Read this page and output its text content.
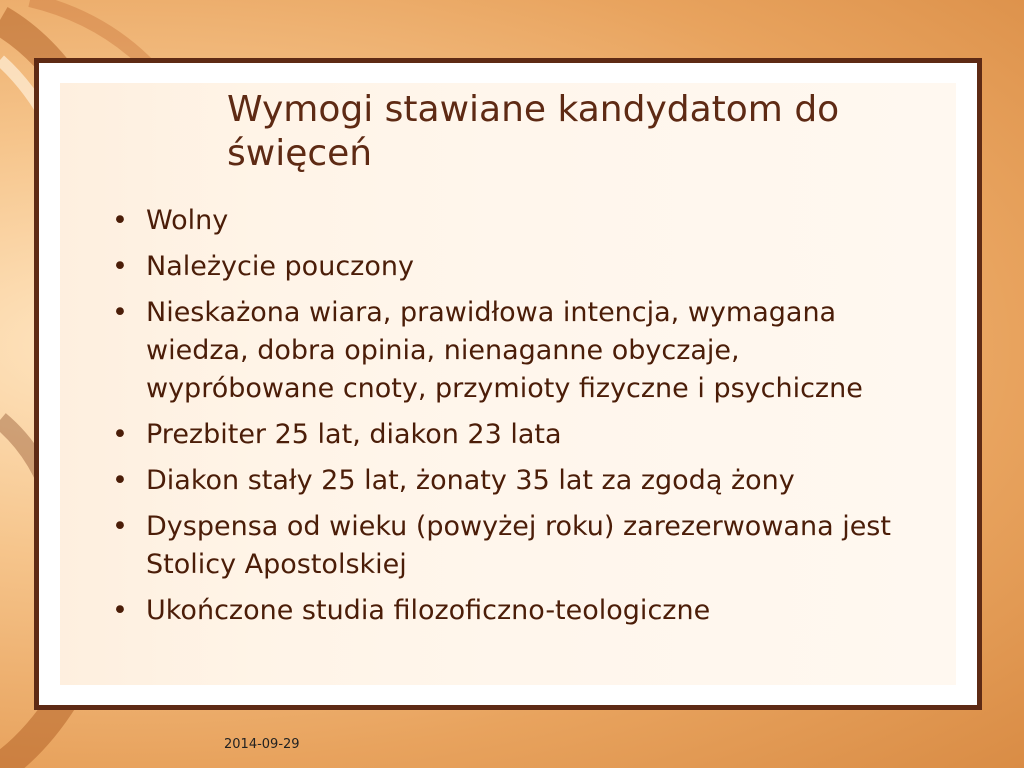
Wymogi stawiane kandydatom do święceń
• Wolny
• Należycie pouczony
• Nieskażona wiara, prawidłowa intencja, wymagana wiedza, dobra opinia, nienaganne obyczaje, wypróbowane cnoty, przymioty fizyczne i psychiczne
• Prezbiter 25 lat, diakon 23 lata
• Diakon stały 25 lat, żonaty 35 lat za zgodą żony
• Dyspensa od wieku (powyżej roku) zarezerwowana jest Stolicy Apostolskiej
• Ukończone studia filozoficzno-teologiczne
2014-09-29
